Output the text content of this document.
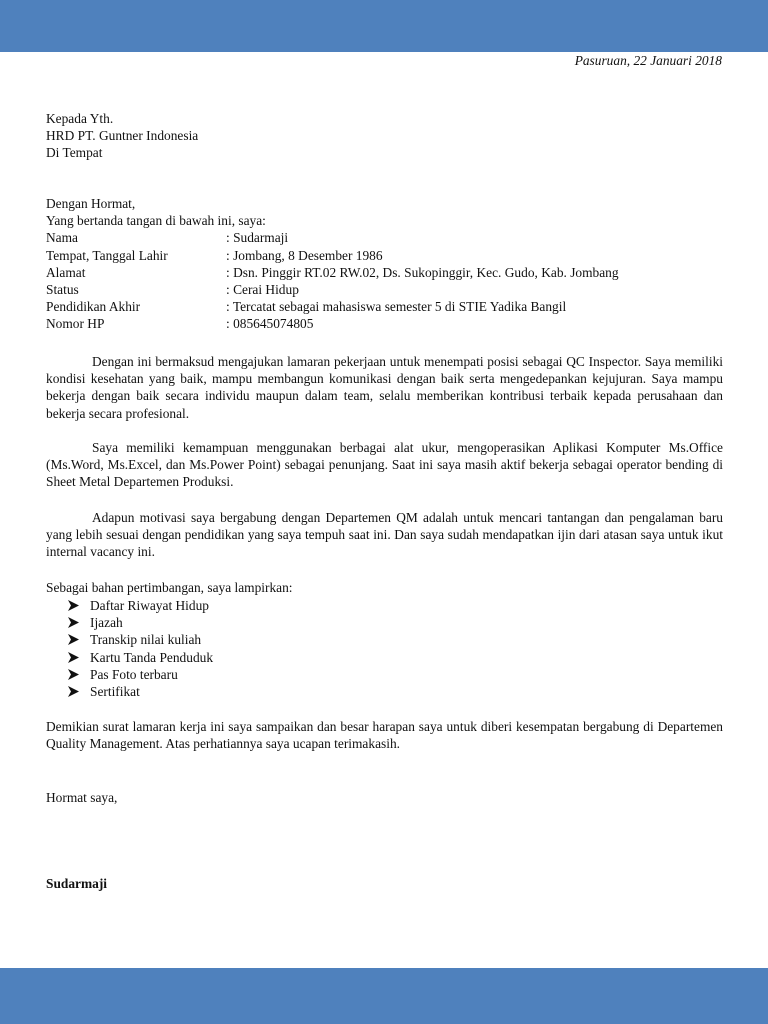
Pasuruan, 22 Januari 2018
Kepada Yth.
HRD PT. Guntner Indonesia
Di Tempat
Dengan Hormat,
Yang bertanda tangan di bawah ini, saya:
Nama	: Sudarmaji
Tempat, Tanggal Lahir	: Jombang, 8 Desember 1986
Alamat	: Dsn. Pinggir RT.02 RW.02, Ds. Sukopinggir, Kec. Gudo, Kab. Jombang
Status	: Cerai Hidup
Pendidikan Akhir	: Tercatat sebagai mahasiswa semester 5 di STIE Yadika Bangil
Nomor HP	: 085645074805

Dengan ini bermaksud mengajukan lamaran pekerjaan untuk menempati posisi sebagai QC Inspector. Saya memiliki kondisi kesehatan yang baik, mampu membangun komunikasi dengan baik serta mengedepankan kejujuran. Saya mampu bekerja dengan baik secara individu maupun dalam team, selalu memberikan kontribusi terbaik kepada perusahaan dan bekerja secara profesional.

Saya memiliki kemampuan menggunakan berbagai alat ukur, mengoperasikan Aplikasi Komputer Ms.Office (Ms.Word, Ms.Excel, dan Ms.Power Point) sebagai penunjang. Saat ini saya masih aktif bekerja sebagai operator bending di Sheet Metal Departemen Produksi.

Adapun motivasi saya bergabung dengan Departemen QM adalah untuk mencari tantangan dan pengalaman baru yang lebih sesuai dengan pendidikan yang saya tempuh saat ini. Dan saya sudah mendapatkan ijin dari atasan saya untuk ikut internal vacancy ini.

Sebagai bahan pertimbangan, saya lampirkan:
Daftar Riwayat Hidup
Ijazah
Transkip nilai kuliah
Kartu Tanda Penduduk
Pas Foto terbaru
Sertifikat

Demikian surat lamaran kerja ini saya sampaikan dan besar harapan saya untuk diberi kesempatan bergabung di Departemen Quality Management. Atas perhatiannya saya ucapan terimakasih.

Hormat saya,
Sudarmaji
